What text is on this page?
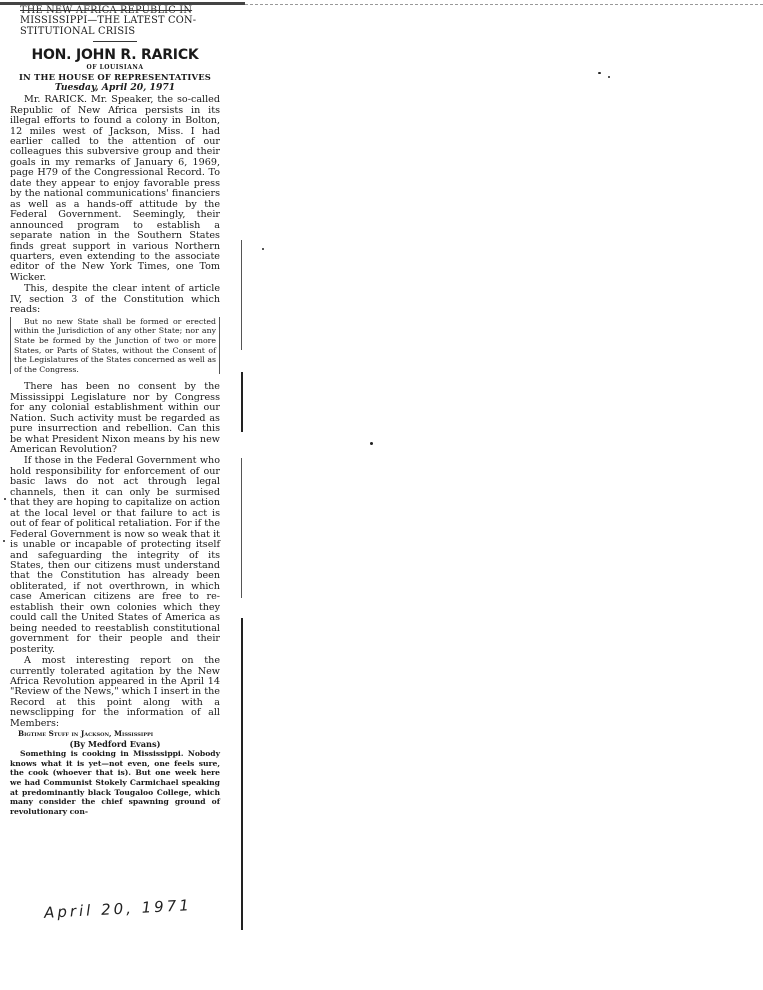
THE NEW AFRICA REPUBLIC IN
MISSISSIPPI—THE LATEST CON-
STITUTIONAL CRISIS
HON. JOHN R. RARICK
OF LOUISIANA
IN THE HOUSE OF REPRESENTATIVES
Tuesday, April 20, 1971

Mr. RARICK. Mr. Speaker, the so-called Republic of New Africa persists in its illegal efforts to found a colony in Bolton, 12 miles west of Jackson, Miss. I had earlier called to the attention of our colleagues this subversive group and their goals in my remarks of January 6, 1969, page H79 of the Congressional Record. To date they appear to enjoy favorable press by the national communications' financiers as well as a hands-off attitude by the Federal Government. Seemingly, their announced program to establish a separate nation in the Southern States finds great support in various Northern quarters, even extending to the associate editor of the New York Times, one Tom Wicker.

This, despite the clear intent of article IV, section 3 of the Constitution which reads:

But no new State shall be formed or erected within the Jurisdiction of any other State; nor any State be formed by the Junction of two or more States, or Parts of States, without the Consent of the Legislatures of the States concerned as well as of the Congress.

There has been no consent by the Mississippi Legislature nor by Congress for any colonial establishment within our Nation. Such activity must be regarded as pure insurrection and rebellion. Can this be what President Nixon means by his new American Revolution?

If those in the Federal Government who hold responsibility for enforcement of our basic laws do not act through legal channels, then it can only be surmised that they are hoping to capitalize on action at the local level or that failure to act is out of fear of political retaliation. For if the Federal Government is now so weak that it is unable or incapable of protecting itself and safeguarding the integrity of its States, then our citizens must understand that the Constitution has already been obliterated, if not overthrown, in which case American citizens are free to re-establish their own colonies which they could call the United States of America as being needed to reestablish constitutional government for their people and their posterity.

A most interesting report on the currently tolerated agitation by the New Africa Revolution appeared in the April 14 "Review of the News," which I insert in the Record at this point along with a newsclipping for the information of all Members:

Bigtime Stuff in Jackson, Mississippi
(By Medford Evans)
Something is cooking in Mississippi. Nobody knows what it is yet—not even, one feels sure, the cook (whoever that is). But one week here we had Communist Stokely Carmichael speaking at predominantly black Tougaloo College, which many consider the chief spawning ground of revolutionary con-
April 20, 1971
